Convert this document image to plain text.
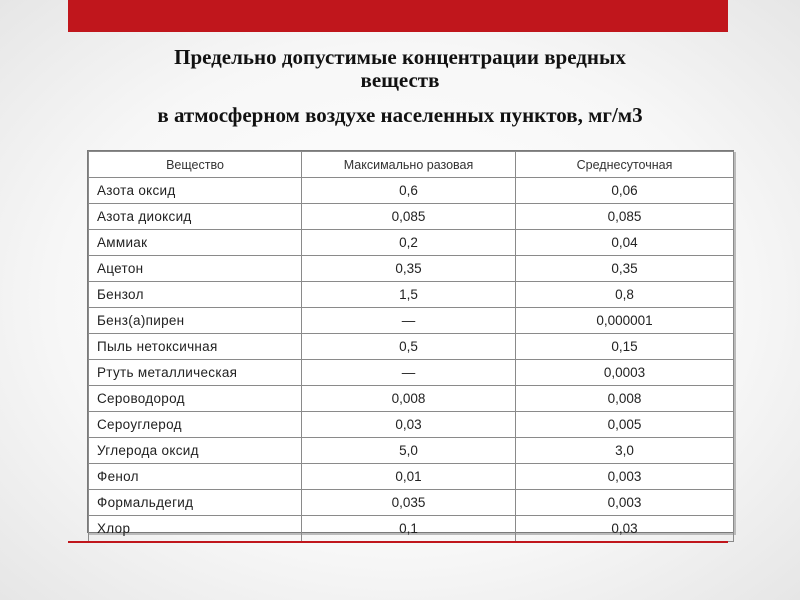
Предельно допустимые концентрации вредных
веществ
в атмосферном воздухе населенных пунктов, мг/м3
Вещество	Максимально разовая	Среднесуточная
Азота оксид	0,6	0,06
Азота диоксид	0,085	0,085
Аммиак	0,2	0,04
Ацетон	0,35	0,35
Бензол	1,5	0,8
Бенз(а)пирен	—	0,000001
Пыль нетоксичная	0,5	0,15
Ртуть металлическая	—	0,0003
Сероводород	0,008	0,008
Сероуглерод	0,03	0,005
Углерода оксид	5,0	3,0
Фенол	0,01	0,003
Формальдегид	0,035	0,003
Хлор	0,1	0,03
